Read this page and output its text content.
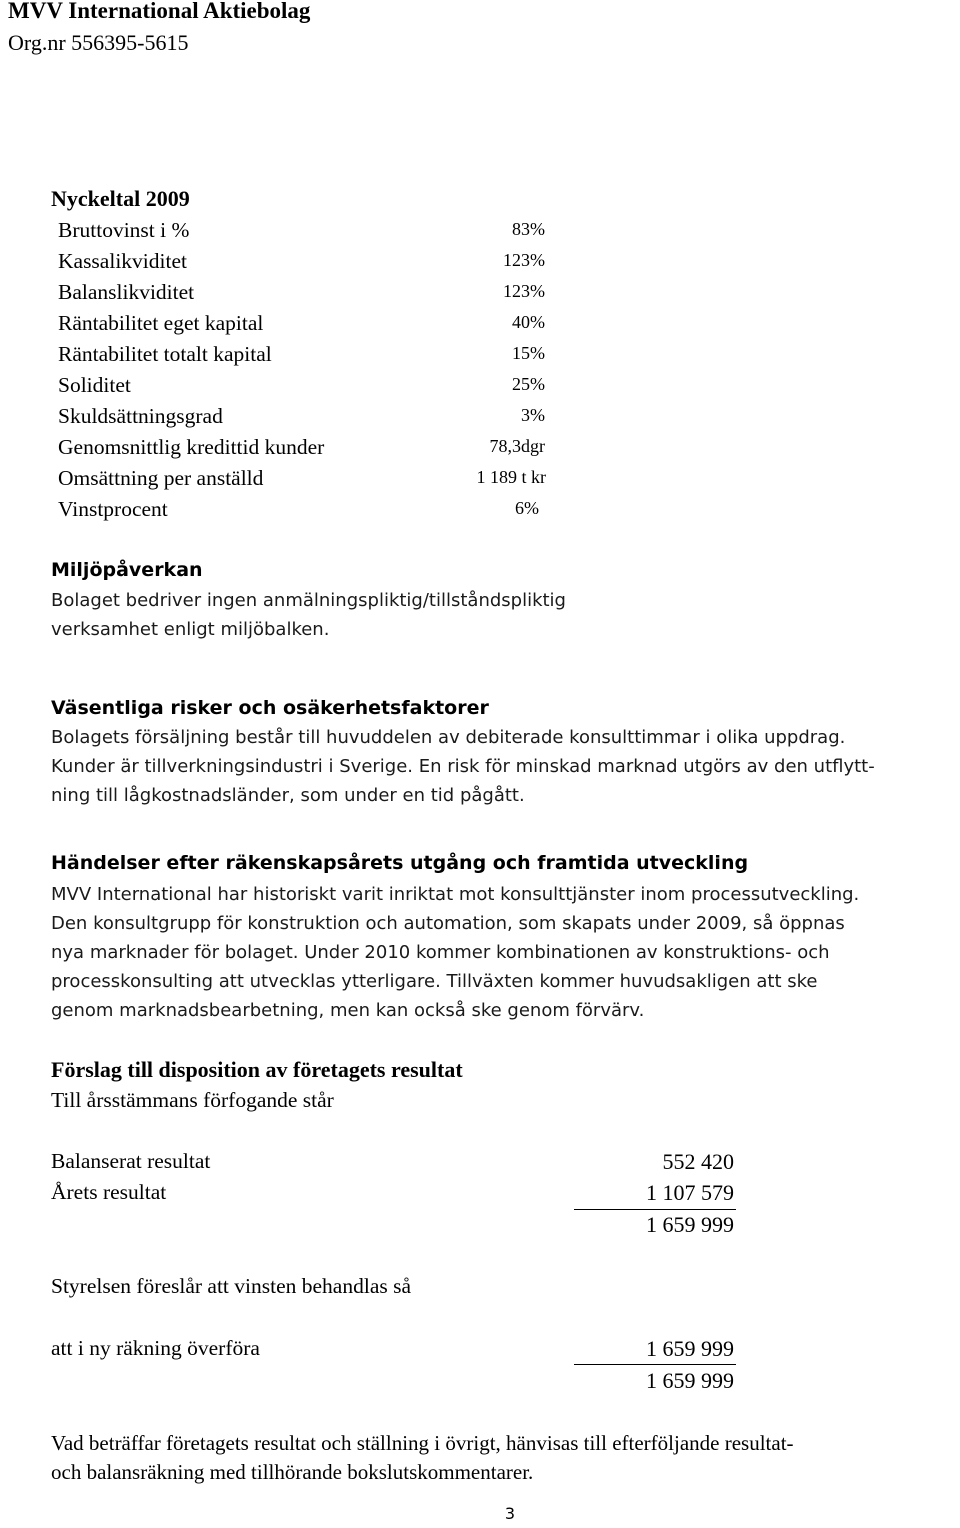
MVV International Aktiebolag
Org.nr 556395-5615
Nyckeltal 2009
Bruttovinst i %	83%
Kassalikviditet	123%
Balanslikviditet	123%
Räntabilitet eget kapital	40%
Räntabilitet totalt kapital	15%
Soliditet	25%
Skuldsättningsgrad	3%
Genomsnittlig kredittid kunder	78,3dgr
Omsättning per anställd	1 189 t kr
Vinstprocent	6%
Miljöpåverkan
Bolaget bedriver ingen anmälningspliktig/tillståndspliktig
verksamhet enligt miljöbalken.
Väsentliga risker och osäkerhetsfaktorer
Bolagets försäljning består till huvuddelen av debiterade konsulttimmar i olika uppdrag.
Kunder är tillverkningsindustri i Sverige. En risk för minskad marknad utgörs av den utflytt-
ning till lågkostnadsländer, som under en tid pågått.
Händelser efter räkenskapsårets utgång och framtida utveckling
MVV International har historiskt varit inriktat mot konsulttjänster inom processutveckling.
Den konsultgrupp för konstruktion och automation, som skapats under 2009, så öppnas
nya marknader för bolaget. Under 2010 kommer kombinationen av konstruktions- och
processkonsulting att utvecklas ytterligare. Tillväxten kommer huvudsakligen att ske
genom marknadsbearbetning, men kan också ske genom förvärv.
Förslag till disposition av företagets resultat
Till årsstämmans förfogande står
Balanserat resultat	552 420
Årets resultat	1 107 579
1 659 999
Styrelsen föreslår att vinsten behandlas så
att i ny räkning överföra	1 659 999
1 659 999
Vad beträffar företagets resultat och ställning i övrigt, hänvisas till efterföljande resultat-
och balansräkning med tillhörande bokslutskommentarer.
3
